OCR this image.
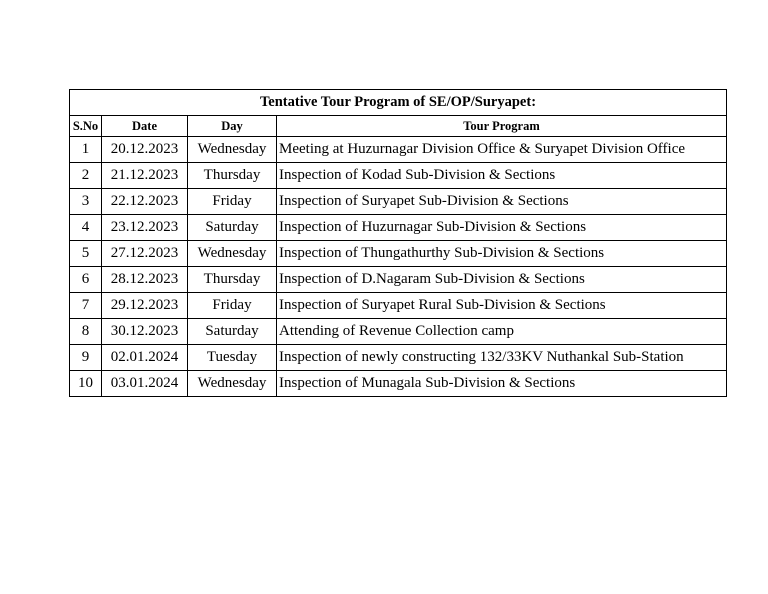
Tentative Tour Program of SE/OP/Suryapet:			
S.No	Date	Day	Tour Program
1	20.12.2023	Wednesday	Meeting at Huzurnagar Division Office & Suryapet Division Office
2	21.12.2023	Thursday	Inspection of Kodad Sub-Division & Sections
3	22.12.2023	Friday	Inspection of Suryapet Sub-Division & Sections
4	23.12.2023	Saturday	Inspection of Huzurnagar Sub-Division & Sections
5	27.12.2023	Wednesday	Inspection of Thungathurthy Sub-Division & Sections
6	28.12.2023	Thursday	Inspection of D.Nagaram Sub-Division & Sections
7	29.12.2023	Friday	Inspection of Suryapet Rural Sub-Division & Sections
8	30.12.2023	Saturday	Attending of Revenue Collection camp
9	02.01.2024	Tuesday	Inspection of newly constructing 132/33KV Nuthankal Sub-Station
10	03.01.2024	Wednesday	Inspection of Munagala Sub-Division & Sections
